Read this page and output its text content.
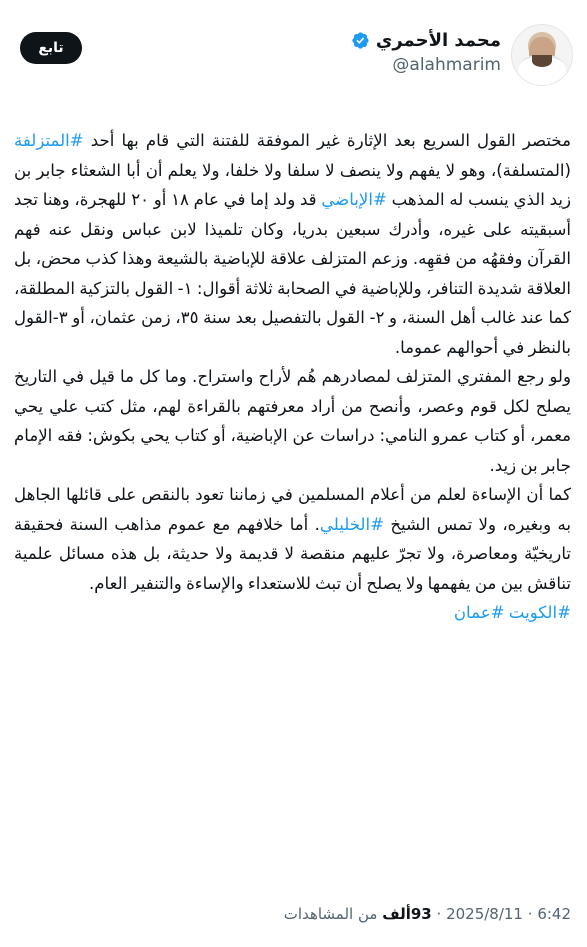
تابع	محمد الأحمري
@alahmarim
مختصر القول السريع بعد الإثارة غير الموفقة للفتنة التي قام بها أحد #المتزلفة (المتسلفة)، وهو لا يفهم ولا ينصف لا سلفا ولا خلفا، ولا يعلم أن أبا الشعثاء جابر بن زيد الذي ينسب له المذهب #الإباضي قد ولد إما في عام ١٨ أو ٢٠ للهجرة، وهنا تجد أسبقيته على غيره، وأدرك سبعين بدريا، وكان تلميذا لابن عباس ونقل عنه فهم القرآن وفقهُه من فقهِه. وزعم المتزلف علاقة للإباضية بالشيعة وهذا كذب محض، بل العلاقة شديدة التنافر، وللإباضية في الصحابة ثلاثة أقوال: ١- القول بالتزكية المطلقة، كما عند غالب أهل السنة، و ٢- القول بالتفصيل بعد سنة ٣٥، زمن عثمان، أو ٣-القول بالنظر في أحوالهم عموما.
ولو رجع المفتري المتزلف لمصادرهم هُم لأراح واستراح. وما كل ما قيل في التاريخ يصلح لكل قوم وعصر، وأنصح من أراد معرفتهم بالقراءة لهم، مثل كتب علي يحي معمر، أو كتاب عمرو النامي: دراسات عن الإباضية، أو كتاب يحي بكوش: فقه الإمام جابر بن زيد.
كما أن الإساءة لعلم من أعلام المسلمين في زماننا تعود بالنقص على قائلها الجاهل به وبغيره، ولا تمس الشيخ #الخليلي. أما خلافهم مع عموم مذاهب السنة فحقيقة تاريخيّة ومعاصرة، ولا تجرّ عليهم منقصة لا قديمة ولا حديثة، بل هذه مسائل علمية تناقش بين من يفهمها ولا يصلح أن تبث للاستعداء والإساءة والتنفير العام.
#الكويت #عمان
6:42 · 2025/8/11 · 93ألف من المشاهدات
